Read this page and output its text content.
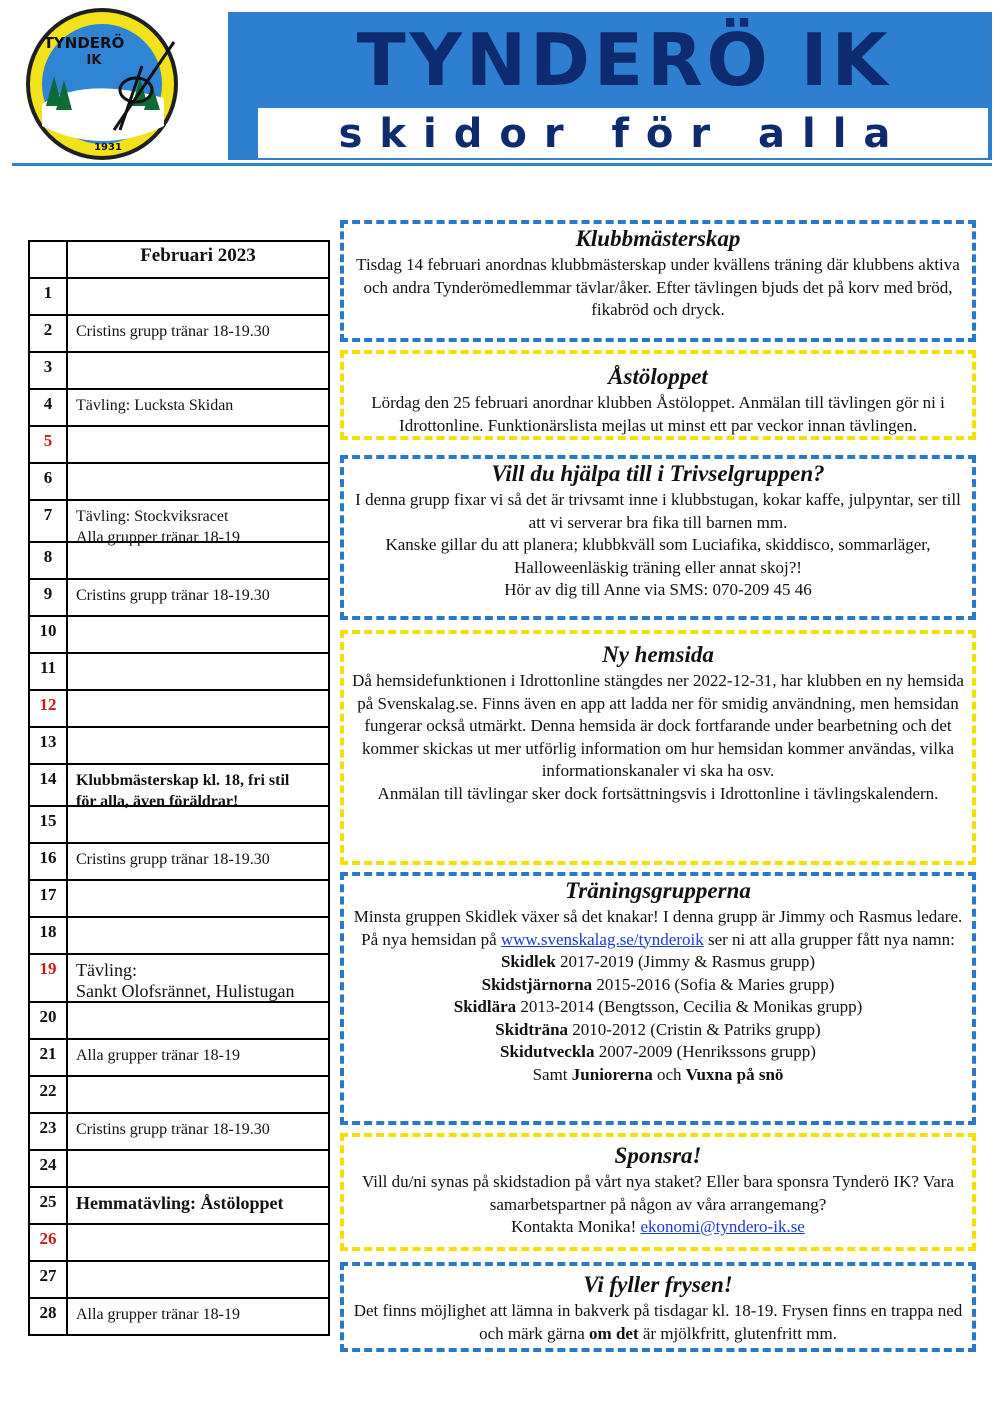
TYNDERÖ
IK
1931
TYNDERÖ IK
skidor för alla
Februari 2023
1
2	Cristins grupp tränar 18-19.30
3
4	Tävling: Lucksta Skidan
5
6
7	Tävling: Stockviksracet
Alla grupper tränar 18-19
8
9	Cristins grupp tränar 18-19.30
10
11
12
13
14	Klubbmästerskap kl. 18, fri stil
för alla, även föräldrar!
15
16	Cristins grupp tränar 18-19.30
17
18
19	Tävling:
Sankt Olofsrännet, Hulistugan
20
21	Alla grupper tränar 18-19
22
23	Cristins grupp tränar 18-19.30
24
25	Hemmatävling: Åstöloppet
26
27
28	Alla grupper tränar 18-19
Klubbmästerskap

Tisdag 14 februari anordnas klubbmästerskap under kvällens träning där klubbens aktiva och andra Tynderömedlemmar tävlar/åker. Efter tävlingen bjuds det på korv med bröd, fikabröd och dryck.

Åstöloppet

Lördag den 25 februari anordnar klubben Åstöloppet. Anmälan till tävlingen gör ni i Idrottonline. Funktionärslista mejlas ut minst ett par veckor innan tävlingen.

Vill du hjälpa till i Trivselgruppen?

I denna grupp fixar vi så det är trivsamt inne i klubbstugan, kokar kaffe, julpyntar, ser till att vi serverar bra fika till barnen mm.

Kanske gillar du att planera; klubbkväll som Luciafika, skiddisco, sommarläger, Halloweenläskig träning eller annat skoj?!

Hör av dig till Anne via SMS: 070-209 45 46

Ny hemsida

Då hemsidefunktionen i Idrottonline stängdes ner 2022-12-31, har klubben en ny hemsida på Svenskalag.se. Finns även en app att ladda ner för smidig användning, men hemsidan fungerar också utmärkt. Denna hemsida är dock fortfarande under bearbetning och det kommer skickas ut mer utförlig information om hur hemsidan kommer användas, vilka informationskanaler vi ska ha osv.

Anmälan till tävlingar sker dock fortsättningsvis i Idrottonline i tävlingskalendern.

Träningsgrupperna

Minsta gruppen Skidlek växer så det knakar! I denna grupp är Jimmy och Rasmus ledare. På nya hemsidan på www.svenskalag.se/tynderoik ser ni att alla grupper fått nya namn:

Skidlek 2017-2019 (Jimmy & Rasmus grupp)

Skidstjärnorna 2015-2016 (Sofia & Maries grupp)

Skidlära 2013-2014 (Bengtsson, Cecilia & Monikas grupp)

Skidträna 2010-2012 (Cristin & Patriks grupp)

Skidutveckla 2007-2009 (Henrikssons grupp)

Samt Juniorerna och Vuxna på snö

Sponsra!

Vill du/ni synas på skidstadion på vårt nya staket? Eller bara sponsra Tynderö IK? Vara samarbetspartner på någon av våra arrangemang?

Kontakta Monika! ekonomi@tyndero-ik.se

Vi fyller frysen!

Det finns möjlighet att lämna in bakverk på tisdagar kl. 18-19. Frysen finns en trappa ned och märk gärna om det är mjölkfritt, glutenfritt mm.
